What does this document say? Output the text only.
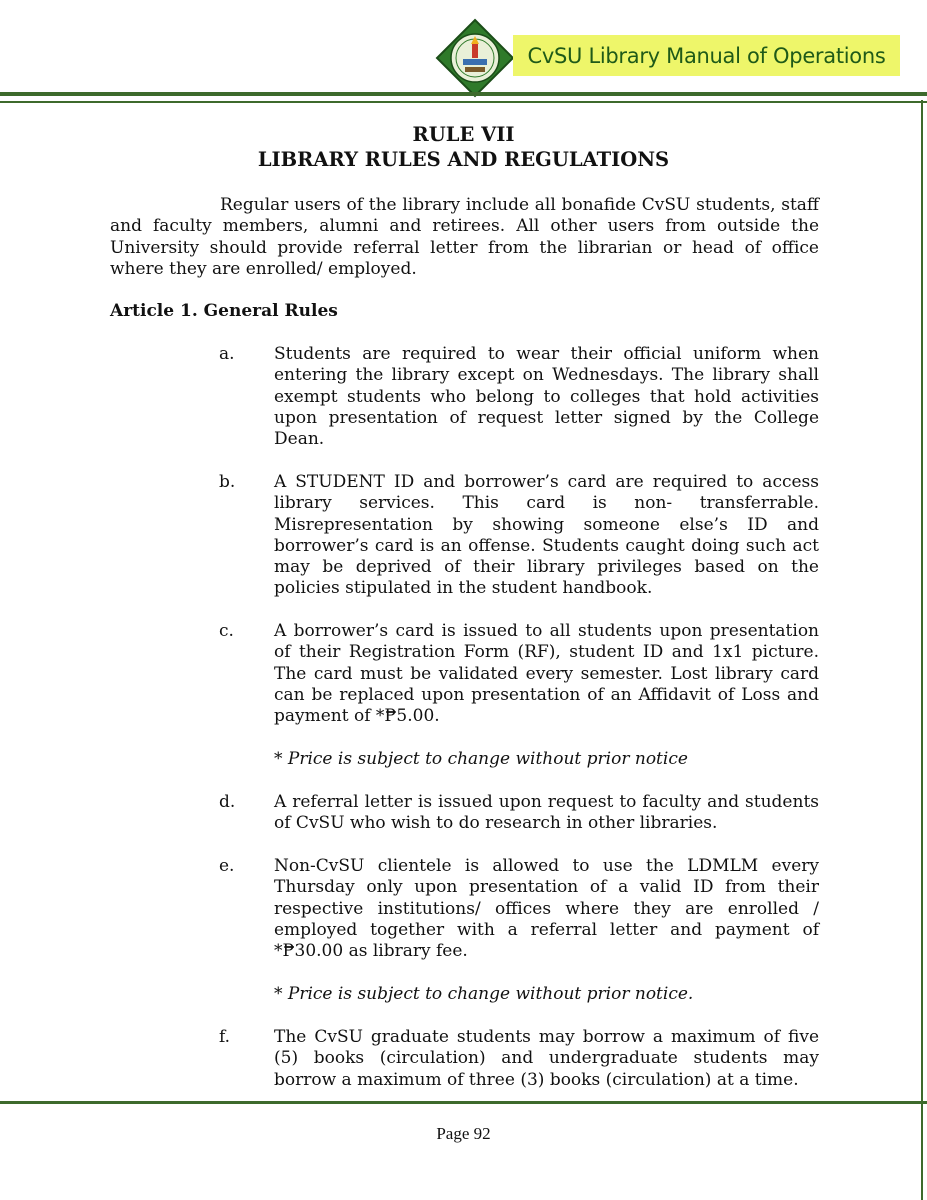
CvSU Library Manual of Operations
RULE VII
LIBRARY RULES AND REGULATIONS
Regular users of the library include all bonafide CvSU students, staff and faculty members, alumni and retirees. All other users from outside the University should provide referral letter from the librarian or head of office where they are enrolled/ employed.
Article 1. General Rules
a. Students are required to wear their official uniform when entering the library except on Wednesdays. The library shall exempt students who belong to colleges that hold activities upon presentation of request letter signed by the College Dean.
b. A STUDENT ID and borrower’s card are required to access library services. This card is non- transferrable. Misrepresentation by showing someone else’s ID and borrower’s card is an offense. Students caught doing such act may be deprived of their library privileges based on the policies stipulated in the student handbook.
c. A borrower’s card is issued to all students upon presentation of their Registration Form (RF), student ID and 1x1 picture. The card must be validated every semester. Lost library card can be replaced upon presentation of an Affidavit of Loss and payment of *₱5.00.
* Price is subject to change without prior notice
d. A referral letter is issued upon request to faculty and students of CvSU who wish to do research in other libraries.
e. Non-CvSU clientele is allowed to use the LDMLM every Thursday only upon presentation of a valid ID from their respective institutions/ offices where they are enrolled / employed together with a referral letter and payment of *₱30.00 as library fee.
* Price is subject to change without prior notice.
f.	The CvSU graduate students may borrow a maximum of five (5) books (circulation) and undergraduate students may borrow a maximum of three (3) books (circulation) at a time.
Page 92
